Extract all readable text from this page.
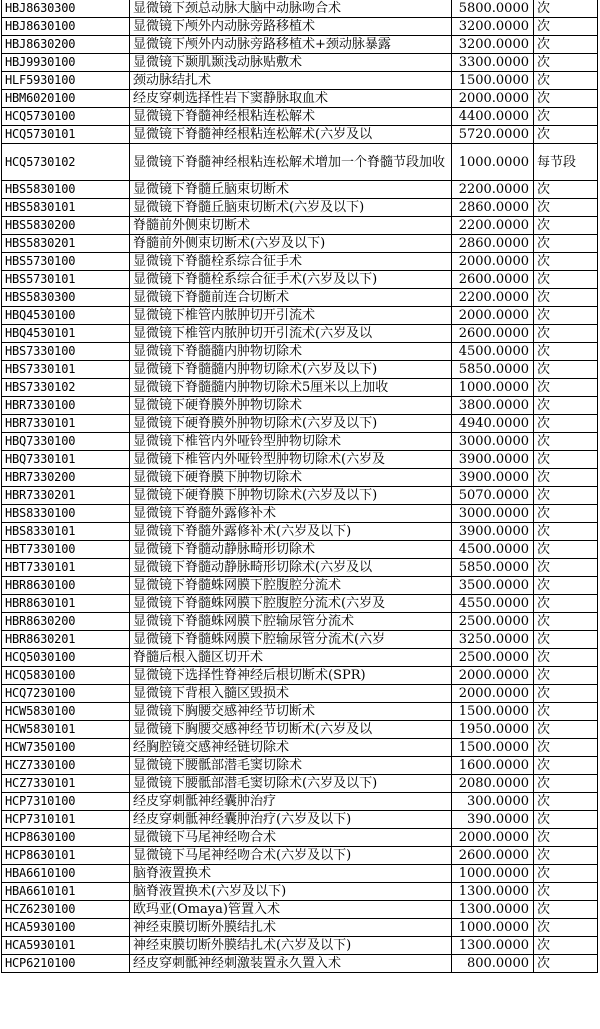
HBJ8630300	显微镜下颈总动脉大脑中动脉吻合术	5800.0000	次
HBJ8630100	显微镜下颅外内动脉旁路移植术	3200.0000	次
HBJ8630200	显微镜下颅外内动脉旁路移植术+颈动脉暴露	3200.0000	次
HBJ9930100	显微镜下颞肌颞浅动脉贴敷术	3300.0000	次
HLF5930100	颈动脉结扎术	1500.0000	次
HBM6020100	经皮穿刺选择性岩下窦静脉取血术	2000.0000	次
HCQ5730100	显微镜下脊髓神经根粘连松解术	4400.0000	次
HCQ5730101	显微镜下脊髓神经根粘连松解术(六岁及以	5720.0000	次
HCQ5730102	显微镜下脊髓神经根粘连松解术增加一个脊髓节段加收	1000.0000	每节段
HBS5830100	显微镜下脊髓丘脑束切断术	2200.0000	次
HBS5830101	显微镜下脊髓丘脑束切断术(六岁及以下)	2860.0000	次
HBS5830200	脊髓前外侧束切断术	2200.0000	次
HBS5830201	脊髓前外侧束切断术(六岁及以下)	2860.0000	次
HBS5730100	显微镜下脊髓栓系综合征手术	2000.0000	次
HBS5730101	显微镜下脊髓栓系综合征手术(六岁及以下)	2600.0000	次
HBS5830300	显微镜下脊髓前连合切断术	2200.0000	次
HBQ4530100	显微镜下椎管内脓肿切开引流术	2000.0000	次
HBQ4530101	显微镜下椎管内脓肿切开引流术(六岁及以	2600.0000	次
HBS7330100	显微镜下脊髓髓内肿物切除术	4500.0000	次
HBS7330101	显微镜下脊髓髓内肿物切除术(六岁及以下)	5850.0000	次
HBS7330102	显微镜下脊髓髓内肿物切除术5厘米以上加收	1000.0000	次
HBR7330100	显微镜下硬脊膜外肿物切除术	3800.0000	次
HBR7330101	显微镜下硬脊膜外肿物切除术(六岁及以下)	4940.0000	次
HBQ7330100	显微镜下椎管内外哑铃型肿物切除术	3000.0000	次
HBQ7330101	显微镜下椎管内外哑铃型肿物切除术(六岁及	3900.0000	次
HBR7330200	显微镜下硬脊膜下肿物切除术	3900.0000	次
HBR7330201	显微镜下硬脊膜下肿物切除术(六岁及以下)	5070.0000	次
HBS8330100	显微镜下脊髓外露修补术	3000.0000	次
HBS8330101	显微镜下脊髓外露修补术(六岁及以下)	3900.0000	次
HBT7330100	显微镜下脊髓动静脉畸形切除术	4500.0000	次
HBT7330101	显微镜下脊髓动静脉畸形切除术(六岁及以	5850.0000	次
HBR8630100	显微镜下脊髓蛛网膜下腔腹腔分流术	3500.0000	次
HBR8630101	显微镜下脊髓蛛网膜下腔腹腔分流术(六岁及	4550.0000	次
HBR8630200	显微镜下脊髓蛛网膜下腔输尿管分流术	2500.0000	次
HBR8630201	显微镜下脊髓蛛网膜下腔输尿管分流术(六岁	3250.0000	次
HCQ5030100	脊髓后根入髓区切开术	2500.0000	次
HCQ5830100	显微镜下选择性脊神经后根切断术(SPR)	2000.0000	次
HCQ7230100	显微镜下背根入髓区毁损术	2000.0000	次
HCW5830100	显微镜下胸腰交感神经节切断术	1500.0000	次
HCW5830101	显微镜下胸腰交感神经节切断术(六岁及以	1950.0000	次
HCW7350100	经胸腔镜交感神经链切除术	1500.0000	次
HCZ7330100	显微镜下腰骶部潜毛窦切除术	1600.0000	次
HCZ7330101	显微镜下腰骶部潜毛窦切除术(六岁及以下)	2080.0000	次
HCP7310100	经皮穿刺骶神经囊肿治疗	300.0000	次
HCP7310101	经皮穿刺骶神经囊肿治疗(六岁及以下)	390.0000	次
HCP8630100	显微镜下马尾神经吻合术	2000.0000	次
HCP8630101	显微镜下马尾神经吻合术(六岁及以下)	2600.0000	次
HBA6610100	脑脊液置换术	1000.0000	次
HBA6610101	脑脊液置换术(六岁及以下)	1300.0000	次
HCZ6230100	欧玛亚(Omaya)管置入术	1300.0000	次
HCA5930100	神经束膜切断外膜结扎术	1000.0000	次
HCA5930101	神经束膜切断外膜结扎术(六岁及以下)	1300.0000	次
HCP6210100	经皮穿刺骶神经刺激装置永久置入术	800.0000	次
